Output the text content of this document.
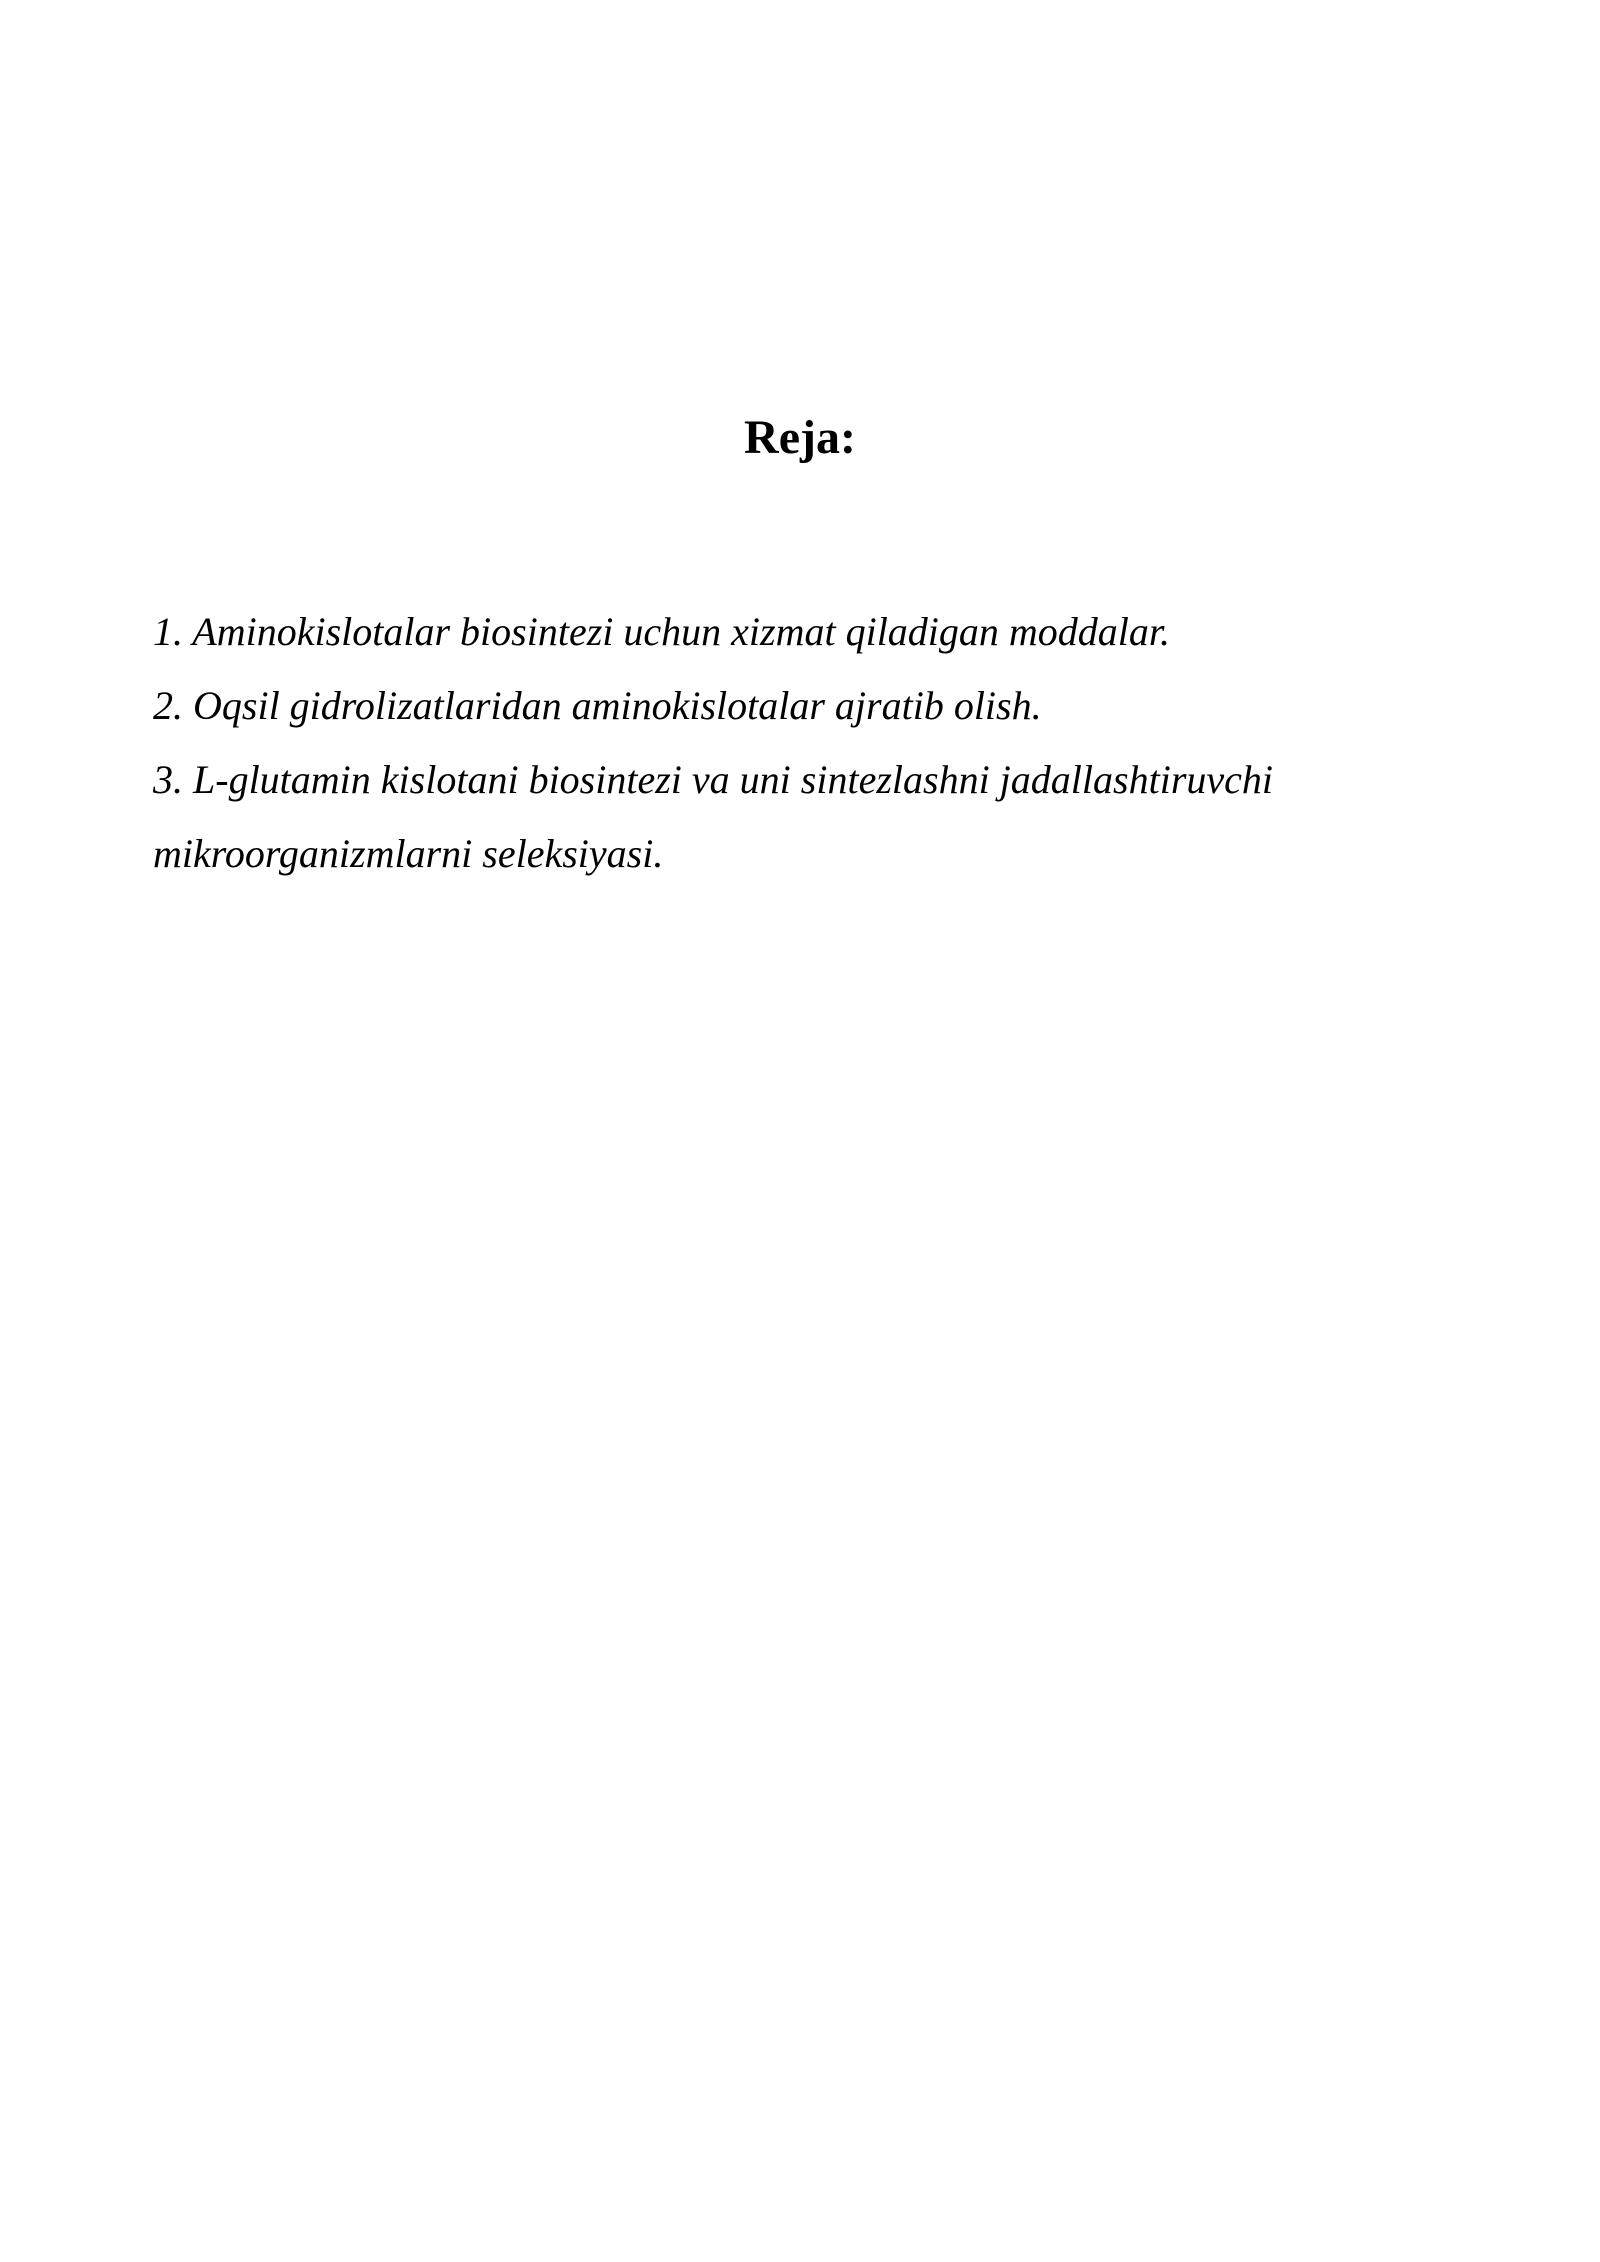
Reja:
1. Aminokislotalar biosintezi uchun xizmat qiladigan moddalar.
2. Oqsil gidrolizatlaridan aminokislotalar ajratib olish.
3. L-glutamin kislotani biosintezi va uni sintezlashni jadallashtiruvchi
mikroorganizmlarni seleksiyasi.
